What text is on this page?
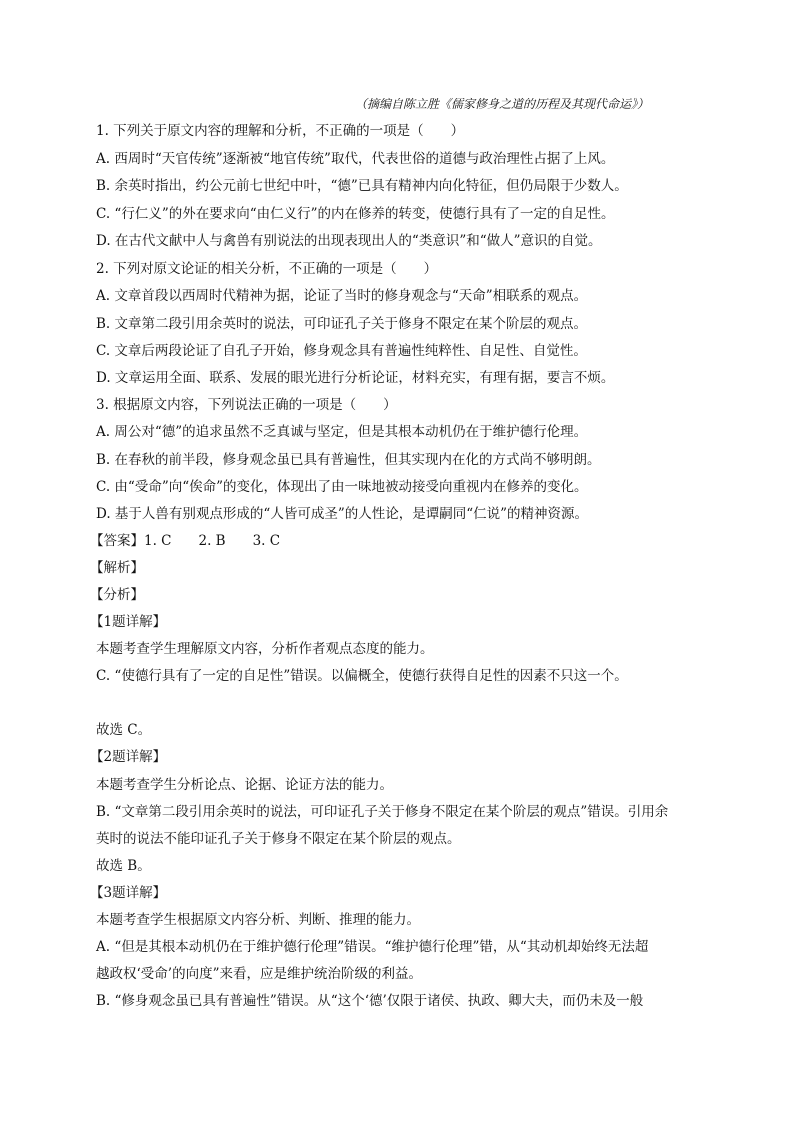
（摘编自陈立胜《儒家修身之道的历程及其现代命运》）
1. 下列关于原文内容的理解和分析，不正确的一项是（　　）
A. 西周时“天官传统”逐渐被“地官传统”取代，代表世俗的道德与政治理性占据了上风。
B. 余英时指出，约公元前七世纪中叶，“德”已具有精神内向化特征，但仍局限于少数人。
C. “行仁义”的外在要求向“由仁义行”的内在修养的转变，使德行具有了一定的自足性。
D. 在古代文献中人与禽兽有别说法的出现表现出人的“类意识”和“做人”意识的自觉。
2. 下列对原文论证的相关分析，不正确的一项是（　　）
A. 文章首段以西周时代精神为据，论证了当时的修身观念与“天命”相联系的观点。
B. 文章第二段引用余英时的说法，可印证孔子关于修身不限定在某个阶层的观点。
C. 文章后两段论证了自孔子开始，修身观念具有普遍性纯粹性、自足性、自觉性。
D. 文章运用全面、联系、发展的眼光进行分析论证，材料充实，有理有据，要言不烦。
3. 根据原文内容，下列说法正确的一项是（　　）
A. 周公对“德”的追求虽然不乏真诚与坚定，但是其根本动机仍在于维护德行伦理。
B. 在春秋的前半段，修身观念虽已具有普遍性，但其实现内在化的方式尚不够明朗。
C. 由“受命”向“俟命”的变化，体现出了由一味地被动接受向重视内在修养的变化。
D. 基于人兽有别观点形成的“人皆可成圣”的人性论，是谭嗣同“仁说”的精神资源。
【答案】1. C　　2. B　　3. C
【解析】
【分析】
【1题详解】
本题考查学生理解原文内容，分析作者观点态度的能力。
C. “使德行具有了一定的自足性”错误。以偏概全，使德行获得自足性的因素不只这一个。
故选 C。
【2题详解】
本题考查学生分析论点、论据、论证方法的能力。
B. “文章第二段引用余英时的说法，可印证孔子关于修身不限定在某个阶层的观点”错误。引用余
英时的说法不能印证孔子关于修身不限定在某个阶层的观点。
故选 B。
【3题详解】
本题考查学生根据原文内容分析、判断、推理的能力。
A. “但是其根本动机仍在于维护德行伦理”错误。“维护德行伦理”错，从“其动机却始终无法超
越政权‘受命’的向度”来看，应是维护统治阶级的利益。
B. “修身观念虽已具有普遍性”错误。从“这个‘德’仅限于诸侯、执政、卿大夫，而仍未及一般
